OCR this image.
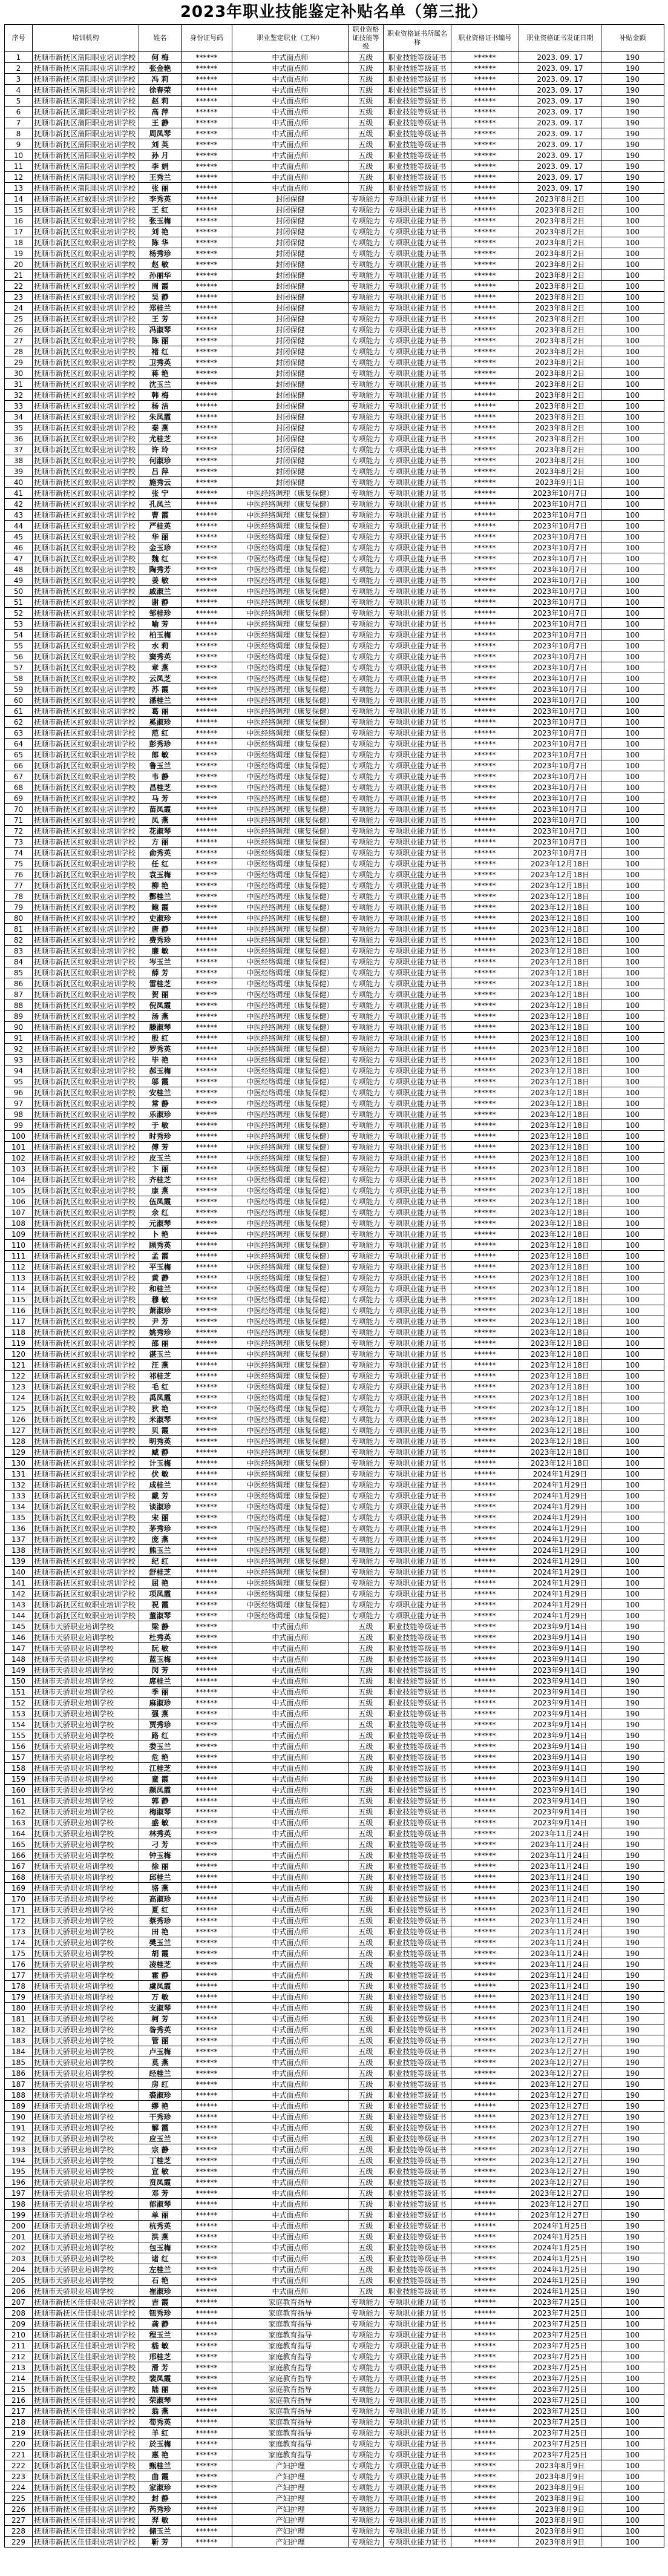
2023年职业技能鉴定补贴名单（第三批）
序号	培训机构	姓名	身份证号码	职业鉴定职业（工种）	职业资格证技能等级	职业资格证书所属名称	职业资格证书编号	职业资格证书发证日期	补贴金额
1	抚顺市新抚区蒲阳职业培训学校	何 梅	******	中式面点师	五级	职业技能等级证书	******	2023. 09. 17	190
2	抚顺市新抚区蒲阳职业培训学校	张金艳	******	中式面点师	五级	职业技能等级证书	******	2023. 09. 17	190
3	抚顺市新抚区蒲阳职业培训学校	冯 莉	******	中式面点师	五级	职业技能等级证书	******	2023. 09. 17	190
4	抚顺市新抚区蒲阳职业培训学校	徐春荣	******	中式面点师	五级	职业技能等级证书	******	2023. 09. 17	190
5	抚顺市新抚区蒲阳职业培训学校	赵 莉	******	中式面点师	五级	职业技能等级证书	******	2023. 09. 17	190
6	抚顺市新抚区蒲阳职业培训学校	高 萍	******	中式面点师	五级	职业技能等级证书	******	2023. 09. 17	190
7	抚顺市新抚区蒲阳职业培训学校	王 静	******	中式面点师	五级	职业技能等级证书	******	2023. 09. 17	190
8	抚顺市新抚区蒲阳职业培训学校	周凤琴	******	中式面点师	五级	职业技能等级证书	******	2023. 09. 17	190
9	抚顺市新抚区蒲阳职业培训学校	刘 英	******	中式面点师	五级	职业技能等级证书	******	2023. 09. 17	190
10	抚顺市新抚区蒲阳职业培训学校	孙 月	******	中式面点师	五级	职业技能等级证书	******	2023. 09. 17	190
11	抚顺市新抚区蒲阳职业培训学校	李 娟	******	中式面点师	五级	职业技能等级证书	******	2023. 09. 17	190
12	抚顺市新抚区蒲阳职业培训学校	王秀兰	******	中式面点师	五级	职业技能等级证书	******	2023. 09. 17	190
13	抚顺市新抚区蒲阳职业培训学校	张 丽	******	中式面点师	五级	职业技能等级证书	******	2023. 09. 17	190
14	抚顺市新抚区红蚁职业培训学校	李秀英	******	封闭保健	专项能力	专项职业能力证书	******	2023年8月2日	100
15	抚顺市新抚区红蚁职业培训学校	王 红	******	封闭保健	专项能力	专项职业能力证书	******	2023年8月2日	100
16	抚顺市新抚区红蚁职业培训学校	张玉梅	******	封闭保健	专项能力	专项职业能力证书	******	2023年8月2日	100
17	抚顺市新抚区红蚁职业培训学校	刘 艳	******	封闭保健	专项能力	专项职业能力证书	******	2023年8月2日	100
18	抚顺市新抚区红蚁职业培训学校	陈 华	******	封闭保健	专项能力	专项职业能力证书	******	2023年8月2日	100
19	抚顺市新抚区红蚁职业培训学校	杨秀珍	******	封闭保健	专项能力	专项职业能力证书	******	2023年8月2日	100
20	抚顺市新抚区红蚁职业培训学校	赵 敏	******	封闭保健	专项能力	专项职业能力证书	******	2023年8月2日	100
21	抚顺市新抚区红蚁职业培训学校	孙丽华	******	封闭保健	专项能力	专项职业能力证书	******	2023年8月2日	100
22	抚顺市新抚区红蚁职业培训学校	周 霞	******	封闭保健	专项能力	专项职业能力证书	******	2023年8月2日	100
23	抚顺市新抚区红蚁职业培训学校	吴 静	******	封闭保健	专项能力	专项职业能力证书	******	2023年8月2日	100
24	抚顺市新抚区红蚁职业培训学校	郑桂兰	******	封闭保健	专项能力	专项职业能力证书	******	2023年8月2日	100
25	抚顺市新抚区红蚁职业培训学校	王 芳	******	封闭保健	专项能力	专项职业能力证书	******	2023年8月2日	100
26	抚顺市新抚区红蚁职业培训学校	冯淑琴	******	封闭保健	专项能力	专项职业能力证书	******	2023年8月2日	100
27	抚顺市新抚区红蚁职业培训学校	陈 丽	******	封闭保健	专项能力	专项职业能力证书	******	2023年8月2日	100
28	抚顺市新抚区红蚁职业培训学校	褚 红	******	封闭保健	专项能力	专项职业能力证书	******	2023年8月2日	100
29	抚顺市新抚区红蚁职业培训学校	卫秀英	******	封闭保健	专项能力	专项职业能力证书	******	2023年8月2日	100
30	抚顺市新抚区红蚁职业培训学校	蒋 艳	******	封闭保健	专项能力	专项职业能力证书	******	2023年8月2日	100
31	抚顺市新抚区红蚁职业培训学校	沈玉兰	******	封闭保健	专项能力	专项职业能力证书	******	2023年8月2日	100
32	抚顺市新抚区红蚁职业培训学校	韩 梅	******	封闭保健	专项能力	专项职业能力证书	******	2023年8月2日	100
33	抚顺市新抚区红蚁职业培训学校	杨 洁	******	封闭保健	专项能力	专项职业能力证书	******	2023年8月2日	100
34	抚顺市新抚区红蚁职业培训学校	朱凤霞	******	封闭保健	专项能力	专项职业能力证书	******	2023年8月2日	100
35	抚顺市新抚区红蚁职业培训学校	秦 燕	******	封闭保健	专项能力	专项职业能力证书	******	2023年8月2日	100
36	抚顺市新抚区红蚁职业培训学校	尤桂芝	******	封闭保健	专项能力	专项职业能力证书	******	2023年8月2日	100
37	抚顺市新抚区红蚁职业培训学校	许 玲	******	封闭保健	专项能力	专项职业能力证书	******	2023年8月2日	100
38	抚顺市新抚区红蚁职业培训学校	何淑珍	******	封闭保健	专项能力	专项职业能力证书	******	2023年8月2日	100
39	抚顺市新抚区红蚁职业培训学校	吕 萍	******	封闭保健	专项能力	专项职业能力证书	******	2023年8月2日	100
40	抚顺市新抚区红蚁职业培训学校	施秀云	******	封闭保健	专项能力	专项职业能力证书	******	2023年9月1日	100
41	抚顺市新抚区红蚁职业培训学校	张 宁	******	中医经络调理（康复保健）	专项能力	专项职业能力证书	******	2023年10月7日	100
42	抚顺市新抚区红蚁职业培训学校	孔凤兰	******	中医经络调理（康复保健）	专项能力	专项职业能力证书	******	2023年10月7日	100
43	抚顺市新抚区红蚁职业培训学校	曹 霞	******	中医经络调理（康复保健）	专项能力	专项职业能力证书	******	2023年10月7日	100
44	抚顺市新抚区红蚁职业培训学校	严桂英	******	中医经络调理（康复保健）	专项能力	专项职业能力证书	******	2023年10月7日	100
45	抚顺市新抚区红蚁职业培训学校	华 丽	******	中医经络调理（康复保健）	专项能力	专项职业能力证书	******	2023年10月7日	100
46	抚顺市新抚区红蚁职业培训学校	金玉珍	******	中医经络调理（康复保健）	专项能力	专项职业能力证书	******	2023年10月7日	100
47	抚顺市新抚区红蚁职业培训学校	魏 红	******	中医经络调理（康复保健）	专项能力	专项职业能力证书	******	2023年10月7日	100
48	抚顺市新抚区红蚁职业培训学校	陶秀芳	******	中医经络调理（康复保健）	专项能力	专项职业能力证书	******	2023年10月7日	100
49	抚顺市新抚区红蚁职业培训学校	姜 敏	******	中医经络调理（康复保健）	专项能力	专项职业能力证书	******	2023年10月7日	100
50	抚顺市新抚区红蚁职业培训学校	戚淑兰	******	中医经络调理（康复保健）	专项能力	专项职业能力证书	******	2023年10月7日	100
51	抚顺市新抚区红蚁职业培训学校	谢 静	******	中医经络调理（康复保健）	专项能力	专项职业能力证书	******	2023年10月7日	100
52	抚顺市新抚区红蚁职业培训学校	邹桂珍	******	中医经络调理（康复保健）	专项能力	专项职业能力证书	******	2023年10月7日	100
53	抚顺市新抚区红蚁职业培训学校	喻 芳	******	中医经络调理（康复保健）	专项能力	专项职业能力证书	******	2023年10月7日	100
54	抚顺市新抚区红蚁职业培训学校	柏玉梅	******	中医经络调理（康复保健）	专项能力	专项职业能力证书	******	2023年10月7日	100
55	抚顺市新抚区红蚁职业培训学校	水 莉	******	中医经络调理（康复保健）	专项能力	专项职业能力证书	******	2023年10月7日	100
56	抚顺市新抚区红蚁职业培训学校	窦秀英	******	中医经络调理（康复保健）	专项能力	专项职业能力证书	******	2023年10月7日	100
57	抚顺市新抚区红蚁职业培训学校	章 燕	******	中医经络调理（康复保健）	专项能力	专项职业能力证书	******	2023年10月7日	100
58	抚顺市新抚区红蚁职业培训学校	云凤芝	******	中医经络调理（康复保健）	专项能力	专项职业能力证书	******	2023年10月7日	100
59	抚顺市新抚区红蚁职业培训学校	苏 霞	******	中医经络调理（康复保健）	专项能力	专项职业能力证书	******	2023年10月7日	100
60	抚顺市新抚区红蚁职业培训学校	潘桂兰	******	中医经络调理（康复保健）	专项能力	专项职业能力证书	******	2023年10月7日	100
61	抚顺市新抚区红蚁职业培训学校	葛 丽	******	中医经络调理（康复保健）	专项能力	专项职业能力证书	******	2023年10月7日	100
62	抚顺市新抚区红蚁职业培训学校	奚淑珍	******	中医经络调理（康复保健）	专项能力	专项职业能力证书	******	2023年10月7日	100
63	抚顺市新抚区红蚁职业培训学校	范 红	******	中医经络调理（康复保健）	专项能力	专项职业能力证书	******	2023年10月7日	100
64	抚顺市新抚区红蚁职业培训学校	彭秀珍	******	中医经络调理（康复保健）	专项能力	专项职业能力证书	******	2023年10月7日	100
65	抚顺市新抚区红蚁职业培训学校	郎 敏	******	中医经络调理（康复保健）	专项能力	专项职业能力证书	******	2023年10月7日	100
66	抚顺市新抚区红蚁职业培训学校	鲁玉兰	******	中医经络调理（康复保健）	专项能力	专项职业能力证书	******	2023年10月7日	100
67	抚顺市新抚区红蚁职业培训学校	韦 静	******	中医经络调理（康复保健）	专项能力	专项职业能力证书	******	2023年10月7日	100
68	抚顺市新抚区红蚁职业培训学校	昌桂芝	******	中医经络调理（康复保健）	专项能力	专项职业能力证书	******	2023年10月7日	100
69	抚顺市新抚区红蚁职业培训学校	马 芳	******	中医经络调理（康复保健）	专项能力	专项职业能力证书	******	2023年10月7日	100
70	抚顺市新抚区红蚁职业培训学校	苗凤霞	******	中医经络调理（康复保健）	专项能力	专项职业能力证书	******	2023年10月7日	100
71	抚顺市新抚区红蚁职业培训学校	凤 燕	******	中医经络调理（康复保健）	专项能力	专项职业能力证书	******	2023年10月7日	100
72	抚顺市新抚区红蚁职业培训学校	花淑琴	******	中医经络调理（康复保健）	专项能力	专项职业能力证书	******	2023年10月7日	100
73	抚顺市新抚区红蚁职业培训学校	方 丽	******	中医经络调理（康复保健）	专项能力	专项职业能力证书	******	2023年10月7日	100
74	抚顺市新抚区红蚁职业培训学校	俞秀英	******	中医经络调理（康复保健）	专项能力	专项职业能力证书	******	2023年10月7日	100
75	抚顺市新抚区红蚁职业培训学校	任 红	******	中医经络调理（康复保健）	专项能力	专项职业能力证书	******	2023年12月18日	100
76	抚顺市新抚区红蚁职业培训学校	袁玉梅	******	中医经络调理（康复保健）	专项能力	专项职业能力证书	******	2023年12月18日	100
77	抚顺市新抚区红蚁职业培训学校	柳 艳	******	中医经络调理（康复保健）	专项能力	专项职业能力证书	******	2023年12月18日	100
78	抚顺市新抚区红蚁职业培训学校	酆桂兰	******	中医经络调理（康复保健）	专项能力	专项职业能力证书	******	2023年12月18日	100
79	抚顺市新抚区红蚁职业培训学校	鲍 霞	******	中医经络调理（康复保健）	专项能力	专项职业能力证书	******	2023年12月18日	100
80	抚顺市新抚区红蚁职业培训学校	史淑珍	******	中医经络调理（康复保健）	专项能力	专项职业能力证书	******	2023年12月18日	100
81	抚顺市新抚区红蚁职业培训学校	唐 静	******	中医经络调理（康复保健）	专项能力	专项职业能力证书	******	2023年12月18日	100
82	抚顺市新抚区红蚁职业培训学校	费秀珍	******	中医经络调理（康复保健）	专项能力	专项职业能力证书	******	2023年12月18日	100
83	抚顺市新抚区红蚁职业培训学校	廉 敏	******	中医经络调理（康复保健）	专项能力	专项职业能力证书	******	2023年12月18日	100
84	抚顺市新抚区红蚁职业培训学校	岑玉兰	******	中医经络调理（康复保健）	专项能力	专项职业能力证书	******	2023年12月18日	100
85	抚顺市新抚区红蚁职业培训学校	薛 芳	******	中医经络调理（康复保健）	专项能力	专项职业能力证书	******	2023年12月18日	100
86	抚顺市新抚区红蚁职业培训学校	雷桂芝	******	中医经络调理（康复保健）	专项能力	专项职业能力证书	******	2023年12月18日	100
87	抚顺市新抚区红蚁职业培训学校	贺 丽	******	中医经络调理（康复保健）	专项能力	专项职业能力证书	******	2023年12月18日	100
88	抚顺市新抚区红蚁职业培训学校	倪凤霞	******	中医经络调理（康复保健）	专项能力	专项职业能力证书	******	2023年12月18日	100
89	抚顺市新抚区红蚁职业培训学校	汤 燕	******	中医经络调理（康复保健）	专项能力	专项职业能力证书	******	2023年12月18日	100
90	抚顺市新抚区红蚁职业培训学校	滕淑琴	******	中医经络调理（康复保健）	专项能力	专项职业能力证书	******	2023年12月18日	100
91	抚顺市新抚区红蚁职业培训学校	殷 红	******	中医经络调理（康复保健）	专项能力	专项职业能力证书	******	2023年12月18日	100
92	抚顺市新抚区红蚁职业培训学校	罗秀英	******	中医经络调理（康复保健）	专项能力	专项职业能力证书	******	2023年12月18日	100
93	抚顺市新抚区红蚁职业培训学校	毕 艳	******	中医经络调理（康复保健）	专项能力	专项职业能力证书	******	2023年12月18日	100
94	抚顺市新抚区红蚁职业培训学校	郝玉梅	******	中医经络调理（康复保健）	专项能力	专项职业能力证书	******	2023年12月18日	100
95	抚顺市新抚区红蚁职业培训学校	邬 霞	******	中医经络调理（康复保健）	专项能力	专项职业能力证书	******	2023年12月18日	100
96	抚顺市新抚区红蚁职业培训学校	安桂兰	******	中医经络调理（康复保健）	专项能力	专项职业能力证书	******	2023年12月18日	100
97	抚顺市新抚区红蚁职业培训学校	常 静	******	中医经络调理（康复保健）	专项能力	专项职业能力证书	******	2023年12月18日	100
98	抚顺市新抚区红蚁职业培训学校	乐淑珍	******	中医经络调理（康复保健）	专项能力	专项职业能力证书	******	2023年12月18日	100
99	抚顺市新抚区红蚁职业培训学校	于 敏	******	中医经络调理（康复保健）	专项能力	专项职业能力证书	******	2023年12月18日	100
100	抚顺市新抚区红蚁职业培训学校	时秀珍	******	中医经络调理（康复保健）	专项能力	专项职业能力证书	******	2023年12月18日	100
101	抚顺市新抚区红蚁职业培训学校	傅 芳	******	中医经络调理（康复保健）	专项能力	专项职业能力证书	******	2023年12月18日	100
102	抚顺市新抚区红蚁职业培训学校	皮玉兰	******	中医经络调理（康复保健）	专项能力	专项职业能力证书	******	2023年12月18日	100
103	抚顺市新抚区红蚁职业培训学校	卞 丽	******	中医经络调理（康复保健）	专项能力	专项职业能力证书	******	2023年12月18日	100
104	抚顺市新抚区红蚁职业培训学校	齐桂芝	******	中医经络调理（康复保健）	专项能力	专项职业能力证书	******	2023年12月18日	100
105	抚顺市新抚区红蚁职业培训学校	康 燕	******	中医经络调理（康复保健）	专项能力	专项职业能力证书	******	2023年12月18日	100
106	抚顺市新抚区红蚁职业培训学校	伍凤霞	******	中医经络调理（康复保健）	专项能力	专项职业能力证书	******	2023年12月18日	100
107	抚顺市新抚区红蚁职业培训学校	余 红	******	中医经络调理（康复保健）	专项能力	专项职业能力证书	******	2023年12月18日	100
108	抚顺市新抚区红蚁职业培训学校	元淑琴	******	中医经络调理（康复保健）	专项能力	专项职业能力证书	******	2023年12月18日	100
109	抚顺市新抚区红蚁职业培训学校	卜 艳	******	中医经络调理（康复保健）	专项能力	专项职业能力证书	******	2023年12月18日	100
110	抚顺市新抚区红蚁职业培训学校	顾秀英	******	中医经络调理（康复保健）	专项能力	专项职业能力证书	******	2023年12月18日	100
111	抚顺市新抚区红蚁职业培训学校	孟 霞	******	中医经络调理（康复保健）	专项能力	专项职业能力证书	******	2023年12月18日	100
112	抚顺市新抚区红蚁职业培训学校	平玉梅	******	中医经络调理（康复保健）	专项能力	专项职业能力证书	******	2023年12月18日	100
113	抚顺市新抚区红蚁职业培训学校	黄 静	******	中医经络调理（康复保健）	专项能力	专项职业能力证书	******	2023年12月18日	100
114	抚顺市新抚区红蚁职业培训学校	和桂兰	******	中医经络调理（康复保健）	专项能力	专项职业能力证书	******	2023年12月18日	100
115	抚顺市新抚区红蚁职业培训学校	穆 敏	******	中医经络调理（康复保健）	专项能力	专项职业能力证书	******	2023年12月18日	100
116	抚顺市新抚区红蚁职业培训学校	萧淑珍	******	中医经络调理（康复保健）	专项能力	专项职业能力证书	******	2023年12月18日	100
117	抚顺市新抚区红蚁职业培训学校	尹 芳	******	中医经络调理（康复保健）	专项能力	专项职业能力证书	******	2023年12月18日	100
118	抚顺市新抚区红蚁职业培训学校	姚秀珍	******	中医经络调理（康复保健）	专项能力	专项职业能力证书	******	2023年12月18日	100
119	抚顺市新抚区红蚁职业培训学校	邵 丽	******	中医经络调理（康复保健）	专项能力	专项职业能力证书	******	2023年12月18日	100
120	抚顺市新抚区红蚁职业培训学校	湛玉兰	******	中医经络调理（康复保健）	专项能力	专项职业能力证书	******	2023年12月18日	100
121	抚顺市新抚区红蚁职业培训学校	汪 燕	******	中医经络调理（康复保健）	专项能力	专项职业能力证书	******	2023年12月18日	100
122	抚顺市新抚区红蚁职业培训学校	祁桂芝	******	中医经络调理（康复保健）	专项能力	专项职业能力证书	******	2023年12月18日	100
123	抚顺市新抚区红蚁职业培训学校	毛 红	******	中医经络调理（康复保健）	专项能力	专项职业能力证书	******	2023年12月18日	100
124	抚顺市新抚区红蚁职业培训学校	禹凤霞	******	中医经络调理（康复保健）	专项能力	专项职业能力证书	******	2023年12月18日	100
125	抚顺市新抚区红蚁职业培训学校	狄 艳	******	中医经络调理（康复保健）	专项能力	专项职业能力证书	******	2023年12月18日	100
126	抚顺市新抚区红蚁职业培训学校	米淑琴	******	中医经络调理（康复保健）	专项能力	专项职业能力证书	******	2023年12月18日	100
127	抚顺市新抚区红蚁职业培训学校	贝 霞	******	中医经络调理（康复保健）	专项能力	专项职业能力证书	******	2023年12月18日	100
128	抚顺市新抚区红蚁职业培训学校	明秀英	******	中医经络调理（康复保健）	专项能力	专项职业能力证书	******	2023年12月18日	100
129	抚顺市新抚区红蚁职业培训学校	臧 静	******	中医经络调理（康复保健）	专项能力	专项职业能力证书	******	2023年12月18日	100
130	抚顺市新抚区红蚁职业培训学校	计玉梅	******	中医经络调理（康复保健）	专项能力	专项职业能力证书	******	2023年12月18日	100
131	抚顺市新抚区红蚁职业培训学校	伏 敏	******	中医经络调理（康复保健）	专项能力	专项职业能力证书	******	2024年1月29日	100
132	抚顺市新抚区红蚁职业培训学校	成桂兰	******	中医经络调理（康复保健）	专项能力	专项职业能力证书	******	2024年1月29日	100
133	抚顺市新抚区红蚁职业培训学校	戴 芳	******	中医经络调理（康复保健）	专项能力	专项职业能力证书	******	2024年1月29日	100
134	抚顺市新抚区红蚁职业培训学校	谈淑珍	******	中医经络调理（康复保健）	专项能力	专项职业能力证书	******	2024年1月29日	100
135	抚顺市新抚区红蚁职业培训学校	宋 丽	******	中医经络调理（康复保健）	专项能力	专项职业能力证书	******	2024年1月29日	100
136	抚顺市新抚区红蚁职业培训学校	茅秀珍	******	中医经络调理（康复保健）	专项能力	专项职业能力证书	******	2024年1月29日	100
137	抚顺市新抚区红蚁职业培训学校	庞 燕	******	中医经络调理（康复保健）	专项能力	专项职业能力证书	******	2024年1月29日	100
138	抚顺市新抚区红蚁职业培训学校	熊玉兰	******	中医经络调理（康复保健）	专项能力	专项职业能力证书	******	2024年1月29日	100
139	抚顺市新抚区红蚁职业培训学校	纪 红	******	中医经络调理（康复保健）	专项能力	专项职业能力证书	******	2024年1月29日	100
140	抚顺市新抚区红蚁职业培训学校	舒桂芝	******	中医经络调理（康复保健）	专项能力	专项职业能力证书	******	2024年1月29日	100
141	抚顺市新抚区红蚁职业培训学校	屈 艳	******	中医经络调理（康复保健）	专项能力	专项职业能力证书	******	2024年1月29日	100
142	抚顺市新抚区红蚁职业培训学校	项凤霞	******	中医经络调理（康复保健）	专项能力	专项职业能力证书	******	2024年1月29日	100
143	抚顺市新抚区红蚁职业培训学校	祝 霞	******	中医经络调理（康复保健）	专项能力	专项职业能力证书	******	2024年1月29日	100
144	抚顺市新抚区红蚁职业培训学校	董淑琴	******	中医经络调理（康复保健）	专项能力	专项职业能力证书	******	2024年1月29日	100
145	抚顺市天骄职业培训学校	梁 静	******	中式面点师	五级	职业技能等级证书	******	2023年9月14日	190
146	抚顺市天骄职业培训学校	杜秀英	******	中式面点师	五级	职业技能等级证书	******	2023年9月14日	190
147	抚顺市天骄职业培训学校	阮 敏	******	中式面点师	五级	职业技能等级证书	******	2023年9月14日	190
148	抚顺市天骄职业培训学校	蓝玉梅	******	中式面点师	五级	职业技能等级证书	******	2023年9月14日	190
149	抚顺市天骄职业培训学校	闵 芳	******	中式面点师	五级	职业技能等级证书	******	2023年9月14日	190
150	抚顺市天骄职业培训学校	席桂兰	******	中式面点师	五级	职业技能等级证书	******	2023年9月14日	190
151	抚顺市天骄职业培训学校	季 丽	******	中式面点师	五级	职业技能等级证书	******	2023年9月14日	190
152	抚顺市天骄职业培训学校	麻淑珍	******	中式面点师	五级	职业技能等级证书	******	2023年9月14日	190
153	抚顺市天骄职业培训学校	强 燕	******	中式面点师	五级	职业技能等级证书	******	2023年9月14日	190
154	抚顺市天骄职业培训学校	贾秀珍	******	中式面点师	五级	职业技能等级证书	******	2023年9月14日	190
155	抚顺市天骄职业培训学校	路 红	******	中式面点师	五级	职业技能等级证书	******	2023年9月14日	190
156	抚顺市天骄职业培训学校	娄玉兰	******	中式面点师	五级	职业技能等级证书	******	2023年9月14日	190
157	抚顺市天骄职业培训学校	危 艳	******	中式面点师	五级	职业技能等级证书	******	2023年9月14日	190
158	抚顺市天骄职业培训学校	江桂芝	******	中式面点师	五级	职业技能等级证书	******	2023年9月14日	190
159	抚顺市天骄职业培训学校	童 霞	******	中式面点师	五级	职业技能等级证书	******	2023年9月14日	190
160	抚顺市天骄职业培训学校	颜凤霞	******	中式面点师	五级	职业技能等级证书	******	2023年9月14日	190
161	抚顺市天骄职业培训学校	郭 静	******	中式面点师	五级	职业技能等级证书	******	2023年9月14日	190
162	抚顺市天骄职业培训学校	梅淑琴	******	中式面点师	五级	职业技能等级证书	******	2023年9月14日	190
163	抚顺市天骄职业培训学校	盛 敏	******	中式面点师	五级	职业技能等级证书	******	2023年9月14日	190
164	抚顺市天骄职业培训学校	林秀英	******	中式面点师	五级	职业技能等级证书	******	2023年11月24日	190
165	抚顺市天骄职业培训学校	刁 芳	******	中式面点师	五级	职业技能等级证书	******	2023年11月24日	190
166	抚顺市天骄职业培训学校	钟玉梅	******	中式面点师	五级	职业技能等级证书	******	2023年11月24日	190
167	抚顺市天骄职业培训学校	徐 丽	******	中式面点师	五级	职业技能等级证书	******	2023年11月24日	190
168	抚顺市天骄职业培训学校	邱桂兰	******	中式面点师	五级	职业技能等级证书	******	2023年11月24日	190
169	抚顺市天骄职业培训学校	骆 燕	******	中式面点师	五级	职业技能等级证书	******	2023年11月24日	190
170	抚顺市天骄职业培训学校	高淑珍	******	中式面点师	五级	职业技能等级证书	******	2023年11月24日	190
171	抚顺市天骄职业培训学校	夏 红	******	中式面点师	五级	职业技能等级证书	******	2023年11月24日	190
172	抚顺市天骄职业培训学校	蔡秀珍	******	中式面点师	五级	职业技能等级证书	******	2023年11月24日	190
173	抚顺市天骄职业培训学校	田 艳	******	中式面点师	五级	职业技能等级证书	******	2023年11月24日	190
174	抚顺市天骄职业培训学校	樊玉兰	******	中式面点师	五级	职业技能等级证书	******	2023年11月24日	190
175	抚顺市天骄职业培训学校	胡 霞	******	中式面点师	五级	职业技能等级证书	******	2023年11月24日	190
176	抚顺市天骄职业培训学校	凌桂芝	******	中式面点师	五级	职业技能等级证书	******	2023年11月24日	190
177	抚顺市天骄职业培训学校	霍 静	******	中式面点师	五级	职业技能等级证书	******	2023年11月24日	190
178	抚顺市天骄职业培训学校	虞凤霞	******	中式面点师	五级	职业技能等级证书	******	2023年11月24日	190
179	抚顺市天骄职业培训学校	万 敏	******	中式面点师	五级	职业技能等级证书	******	2023年11月24日	190
180	抚顺市天骄职业培训学校	支淑琴	******	中式面点师	五级	职业技能等级证书	******	2023年11月24日	190
181	抚顺市天骄职业培训学校	柯 芳	******	中式面点师	五级	职业技能等级证书	******	2023年11月24日	190
182	抚顺市天骄职业培训学校	昝秀英	******	中式面点师	五级	职业技能等级证书	******	2023年11月24日	190
183	抚顺市天骄职业培训学校	管 丽	******	中式面点师	五级	职业技能等级证书	******	2023年12月27日	190
184	抚顺市天骄职业培训学校	卢玉梅	******	中式面点师	五级	职业技能等级证书	******	2023年12月27日	190
185	抚顺市天骄职业培训学校	莫 燕	******	中式面点师	五级	职业技能等级证书	******	2023年12月27日	190
186	抚顺市天骄职业培训学校	经桂兰	******	中式面点师	五级	职业技能等级证书	******	2023年12月27日	190
187	抚顺市天骄职业培训学校	房 红	******	中式面点师	五级	职业技能等级证书	******	2023年12月27日	190
188	抚顺市天骄职业培训学校	裘淑珍	******	中式面点师	五级	职业技能等级证书	******	2023年12月27日	190
189	抚顺市天骄职业培训学校	缪 艳	******	中式面点师	五级	职业技能等级证书	******	2023年12月27日	190
190	抚顺市天骄职业培训学校	干秀珍	******	中式面点师	五级	职业技能等级证书	******	2023年12月27日	190
191	抚顺市天骄职业培训学校	解 霞	******	中式面点师	五级	职业技能等级证书	******	2023年12月27日	190
192	抚顺市天骄职业培训学校	应玉兰	******	中式面点师	五级	职业技能等级证书	******	2023年12月27日	190
193	抚顺市天骄职业培训学校	宗 静	******	中式面点师	五级	职业技能等级证书	******	2023年12月27日	190
194	抚顺市天骄职业培训学校	丁桂芝	******	中式面点师	五级	职业技能等级证书	******	2023年12月27日	190
195	抚顺市天骄职业培训学校	宣 敏	******	中式面点师	五级	职业技能等级证书	******	2023年12月27日	190
196	抚顺市天骄职业培训学校	贲凤霞	******	中式面点师	五级	职业技能等级证书	******	2023年12月27日	190
197	抚顺市天骄职业培训学校	邓 芳	******	中式面点师	五级	职业技能等级证书	******	2023年12月27日	190
198	抚顺市天骄职业培训学校	郁淑琴	******	中式面点师	五级	职业技能等级证书	******	2023年12月27日	190
199	抚顺市天骄职业培训学校	单 丽	******	中式面点师	五级	职业技能等级证书	******	2023年12月27日	190
200	抚顺市天骄职业培训学校	杭秀英	******	中式面点师	五级	职业技能等级证书	******	2024年1月25日	190
201	抚顺市天骄职业培训学校	洪 燕	******	中式面点师	五级	职业技能等级证书	******	2024年1月25日	190
202	抚顺市天骄职业培训学校	包玉梅	******	中式面点师	五级	职业技能等级证书	******	2024年1月25日	190
203	抚顺市天骄职业培训学校	诸 红	******	中式面点师	五级	职业技能等级证书	******	2024年1月25日	190
204	抚顺市天骄职业培训学校	左桂兰	******	中式面点师	五级	职业技能等级证书	******	2024年1月25日	190
205	抚顺市天骄职业培训学校	石 艳	******	中式面点师	五级	职业技能等级证书	******	2024年1月25日	190
206	抚顺市天骄职业培训学校	崔淑珍	******	中式面点师	五级	职业技能等级证书	******	2024年1月25日	190
207	抚顺市新抚区佳佳职业培训学校	吉 霞	******	家庭教育指导	专项能力	专项职业能力证书	******	2023年7月25日	100
208	抚顺市新抚区佳佳职业培训学校	钮秀珍	******	家庭教育指导	专项能力	专项职业能力证书	******	2023年7月25日	100
209	抚顺市新抚区佳佳职业培训学校	龚 静	******	家庭教育指导	专项能力	专项职业能力证书	******	2023年7月25日	100
210	抚顺市新抚区佳佳职业培训学校	程玉兰	******	家庭教育指导	专项能力	专项职业能力证书	******	2023年7月25日	100
211	抚顺市新抚区佳佳职业培训学校	嵇 敏	******	家庭教育指导	专项能力	专项职业能力证书	******	2023年7月25日	100
212	抚顺市新抚区佳佳职业培训学校	邢桂芝	******	家庭教育指导	专项能力	专项职业能力证书	******	2023年7月25日	100
213	抚顺市新抚区佳佳职业培训学校	滑 芳	******	家庭教育指导	专项能力	专项职业能力证书	******	2023年7月25日	100
214	抚顺市新抚区佳佳职业培训学校	裴凤霞	******	家庭教育指导	专项能力	专项职业能力证书	******	2023年7月25日	100
215	抚顺市新抚区佳佳职业培训学校	陆 丽	******	家庭教育指导	专项能力	专项职业能力证书	******	2023年7月25日	100
216	抚顺市新抚区佳佳职业培训学校	荣淑琴	******	家庭教育指导	专项能力	专项职业能力证书	******	2023年7月25日	100
217	抚顺市新抚区佳佳职业培训学校	翁 燕	******	家庭教育指导	专项能力	专项职业能力证书	******	2023年7月25日	100
218	抚顺市新抚区佳佳职业培训学校	荀秀英	******	家庭教育指导	专项能力	专项职业能力证书	******	2023年7月25日	100
219	抚顺市新抚区佳佳职业培训学校	羊 红	******	家庭教育指导	专项能力	专项职业能力证书	******	2023年7月25日	100
220	抚顺市新抚区佳佳职业培训学校	於玉梅	******	家庭教育指导	专项能力	专项职业能力证书	******	2023年7月25日	100
221	抚顺市新抚区佳佳职业培训学校	惠 艳	******	家庭教育指导	专项能力	专项职业能力证书	******	2023年7月25日	100
222	抚顺市新抚区佳佳职业培训学校	甄桂兰	******	产妇护理	专项能力	专项职业能力证书	******	2023年8月9日	100
223	抚顺市新抚区佳佳职业培训学校	曲 霞	******	产妇护理	专项能力	专项职业能力证书	******	2023年8月9日	100
224	抚顺市新抚区佳佳职业培训学校	家淑珍	******	产妇护理	专项能力	专项职业能力证书	******	2023年8月9日	100
225	抚顺市新抚区佳佳职业培训学校	封 静	******	产妇护理	专项能力	专项职业能力证书	******	2023年8月9日	100
226	抚顺市新抚区佳佳职业培训学校	芮秀珍	******	产妇护理	专项能力	专项职业能力证书	******	2023年8月9日	100
227	抚顺市新抚区佳佳职业培训学校	羿 敏	******	产妇护理	专项能力	专项职业能力证书	******	2023年8月9日	100
228	抚顺市新抚区佳佳职业培训学校	储玉兰	******	产妇护理	专项能力	专项职业能力证书	******	2023年8月9日	100
229	抚顺市新抚区佳佳职业培训学校	靳 芳	******	产妇护理	专项能力	专项职业能力证书	******	2023年8月9日	100
